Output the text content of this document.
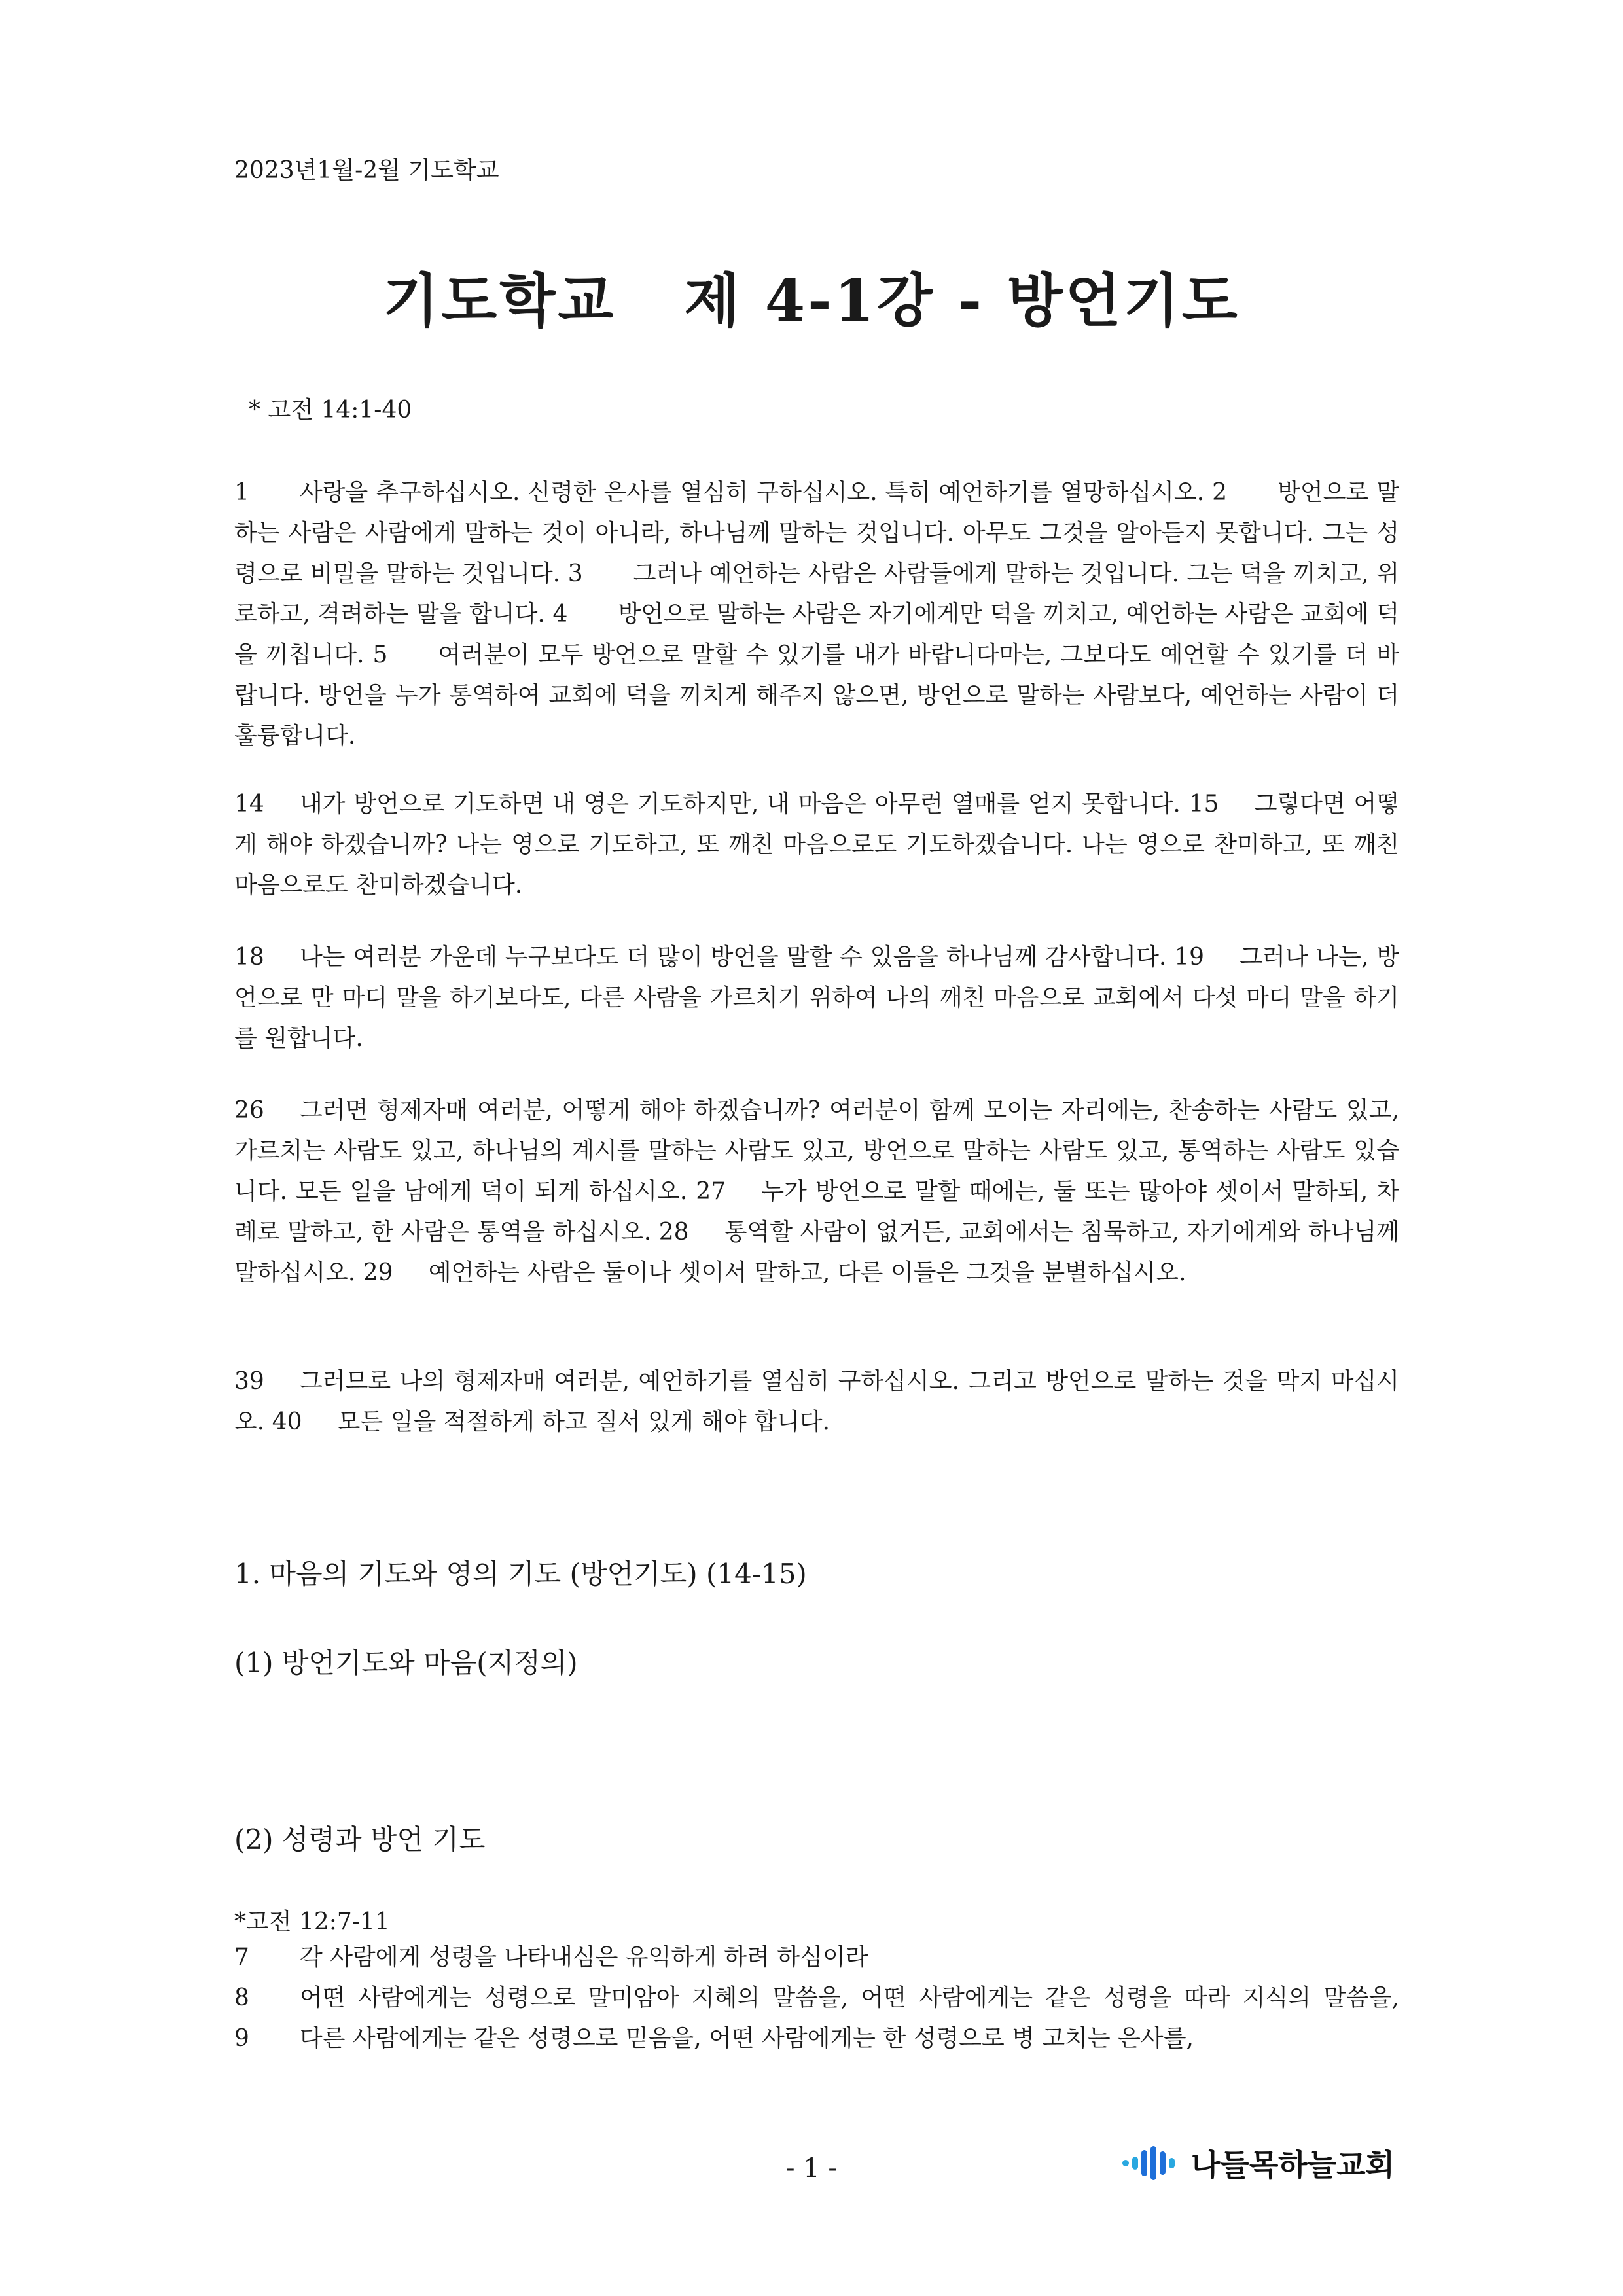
2023년1월-2월 기도학교
기도학교 제 4-1강 - 방언기도
* 고전 14:1-40
1 사랑을 추구하십시오. 신령한 은사를 열심히 구하십시오. 특히 예언하기를 열망하십시오. 2 방언으로 말하는 사람은 사람에게 말하는 것이 아니라, 하나님께 말하는 것입니다. 아무도 그것을 알아듣지 못합니다. 그는 성령으로 비밀을 말하는 것입니다. 3 그러나 예언하는 사람은 사람들에게 말하는 것입니다. 그는 덕을 끼치고, 위로하고, 격려하는 말을 합니다. 4 방언으로 말하는 사람은 자기에게만 덕을 끼치고, 예언하는 사람은 교회에 덕을 끼칩니다. 5 여러분이 모두 방언으로 말할 수 있기를 내가 바랍니다마는, 그보다도 예언할 수 있기를 더 바랍니다. 방언을 누가 통역하여 교회에 덕을 끼치게 해주지 않으면, 방언으로 말하는 사람보다, 예언하는 사람이 더 훌륭합니다.
14 내가 방언으로 기도하면 내 영은 기도하지만, 내 마음은 아무런 열매를 얻지 못합니다. 15 그렇다면 어떻게 해야 하겠습니까? 나는 영으로 기도하고, 또 깨친 마음으로도 기도하겠습니다. 나는 영으로 찬미하고, 또 깨친 마음으로도 찬미하겠습니다.
18 나는 여러분 가운데 누구보다도 더 많이 방언을 말할 수 있음을 하나님께 감사합니다. 19 그러나 나는, 방언으로 만 마디 말을 하기보다도, 다른 사람을 가르치기 위하여 나의 깨친 마음으로 교회에서 다섯 마디 말을 하기를 원합니다.
26 그러면 형제자매 여러분, 어떻게 해야 하겠습니까? 여러분이 함께 모이는 자리에는, 찬송하는 사람도 있고, 가르치는 사람도 있고, 하나님의 계시를 말하는 사람도 있고, 방언으로 말하는 사람도 있고, 통역하는 사람도 있습니다. 모든 일을 남에게 덕이 되게 하십시오. 27 누가 방언으로 말할 때에는, 둘 또는 많아야 셋이서 말하되, 차례로 말하고, 한 사람은 통역을 하십시오. 28 통역할 사람이 없거든, 교회에서는 침묵하고, 자기에게와 하나님께 말하십시오. 29 예언하는 사람은 둘이나 셋이서 말하고, 다른 이들은 그것을 분별하십시오.
39 그러므로 나의 형제자매 여러분, 예언하기를 열심히 구하십시오. 그리고 방언으로 말하는 것을 막지 마십시오. 40 모든 일을 적절하게 하고 질서 있게 해야 합니다.
1. 마음의 기도와 영의 기도 (방언기도) (14-15)
(1) 방언기도와 마음(지정의)
(2) 성령과 방언 기도
*고전 12:7-11
7 각 사람에게 성령을 나타내심은 유익하게 하려 하심이라
8 어떤 사람에게는 성령으로 말미암아 지혜의 말씀을, 어떤 사람에게는 같은 성령을 따라 지식의 말씀을, 9 다른 사람에게는 같은 성령으로 믿음을, 어떤 사람에게는 한 성령으로 병 고치는 은사를,
- 1 -	나들목하늘교회
